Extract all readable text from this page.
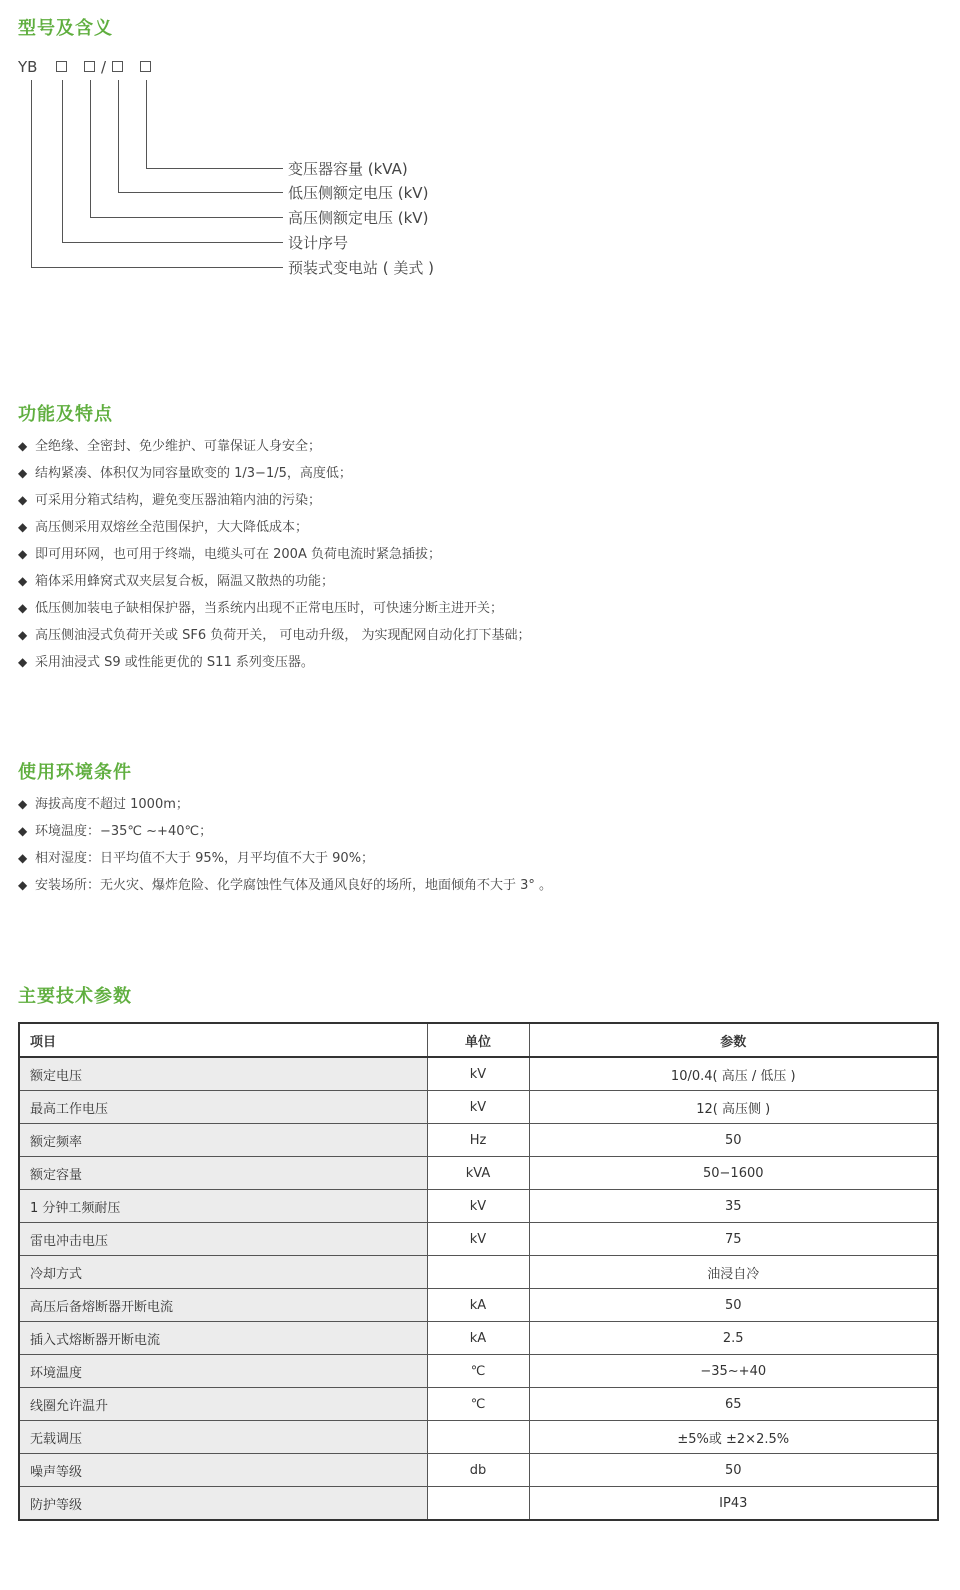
型号及含义
YB	/
变压器容量 (kVA)
低压侧额定电压 (kV)
高压侧额定电压 (kV)
设计序号
预装式变电站 ( 美式 )
功能及特点
◆ 全绝缘、全密封、免少维护、可靠保证人身安全；
◆ 结构紧凑、体积仅为同容量欧变的 1/3−1/5，高度低；
◆ 可采用分箱式结构，避免变压器油箱内油的污染；
◆ 高压侧采用双熔丝全范围保护，大大降低成本；
◆ 即可用环网，也可用于终端，电缆头可在 200A 负荷电流时紧急插拔；
◆ 箱体采用蜂窝式双夹层复合板，隔温又散热的功能；
◆ 低压侧加装电子缺相保护器，当系统内出现不正常电压时，可快速分断主进开关；
◆ 高压侧油浸式负荷开关或 SF6 负荷开关， 可电动升级， 为实现配网自动化打下基础；
◆ 采用油浸式 S9 或性能更优的 S11 系列变压器。
使用环境条件
◆ 海拔高度不超过 1000m；
◆ 环境温度：−35℃ ~+40℃；
◆ 相对湿度：日平均值不大于 95%，月平均值不大于 90%；
◆ 安装场所：无火灾、爆炸危险、化学腐蚀性气体及通风良好的场所，地面倾角不大于 3° 。
主要技术参数
项目	单位	参数
额定电压	kV	10/0.4( 高压 / 低压 )
最高工作电压	kV	12( 高压侧 )
额定频率	Hz	50
额定容量	kVA	50−1600
1 分钟工频耐压	kV	35
雷电冲击电压	kV	75
冷却方式		油浸自冷
高压后备熔断器开断电流	kA	50
插入式熔断器开断电流	kA	2.5
环境温度	℃	−35~+40
线圈允许温升	℃	65
无载调压		±5%或 ±2×2.5%
噪声等级	db	50
防护等级		IP43
